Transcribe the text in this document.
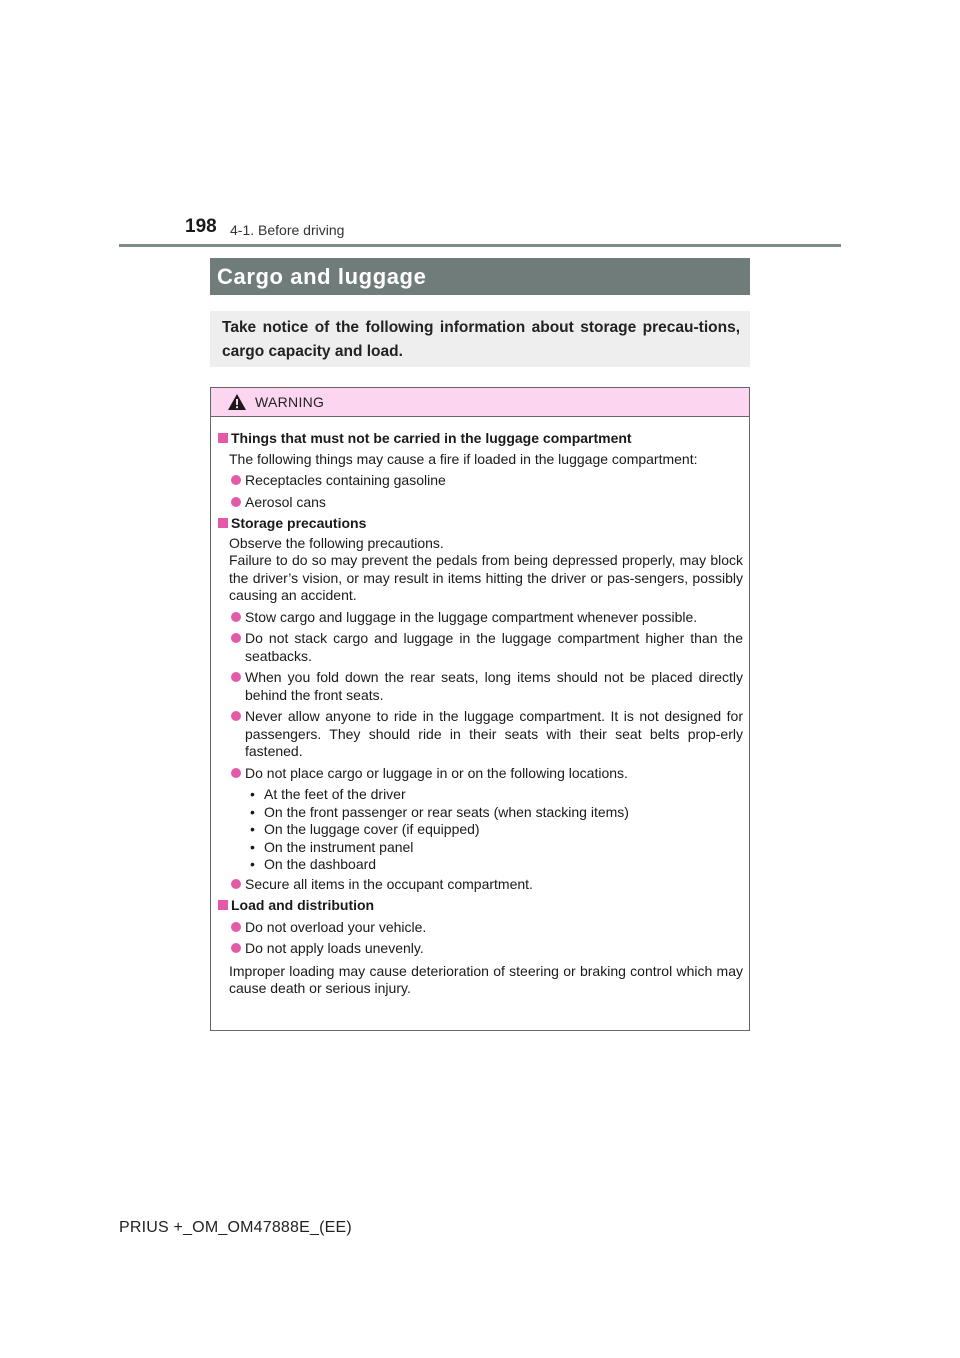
198 4-1. Before driving
Cargo and luggage
Take notice of the following information about storage precau-tions, cargo capacity and load.
WARNING
Things that must not be carried in the luggage compartment
The following things may cause a fire if loaded in the luggage compartment:
Receptacles containing gasoline
Aerosol cans
Storage precautions
Observe the following precautions.
Failure to do so may prevent the pedals from being depressed properly, may block the driver’s vision, or may result in items hitting the driver or pas-sengers, possibly causing an accident.
Stow cargo and luggage in the luggage compartment whenever possible.
Do not stack cargo and luggage in the luggage compartment higher than the seatbacks.
When you fold down the rear seats, long items should not be placed directly behind the front seats.
Never allow anyone to ride in the luggage compartment. It is not designed for passengers. They should ride in their seats with their seat belts prop-erly fastened.
Do not place cargo or luggage in or on the following locations.
• At the feet of the driver
• On the front passenger or rear seats (when stacking items)
• On the luggage cover (if equipped)
• On the instrument panel
• On the dashboard
Secure all items in the occupant compartment.
Load and distribution
Do not overload your vehicle.
Do not apply loads unevenly.
Improper loading may cause deterioration of steering or braking control which may cause death or serious injury.
PRIUS +_OM_OM47888E_(EE)
